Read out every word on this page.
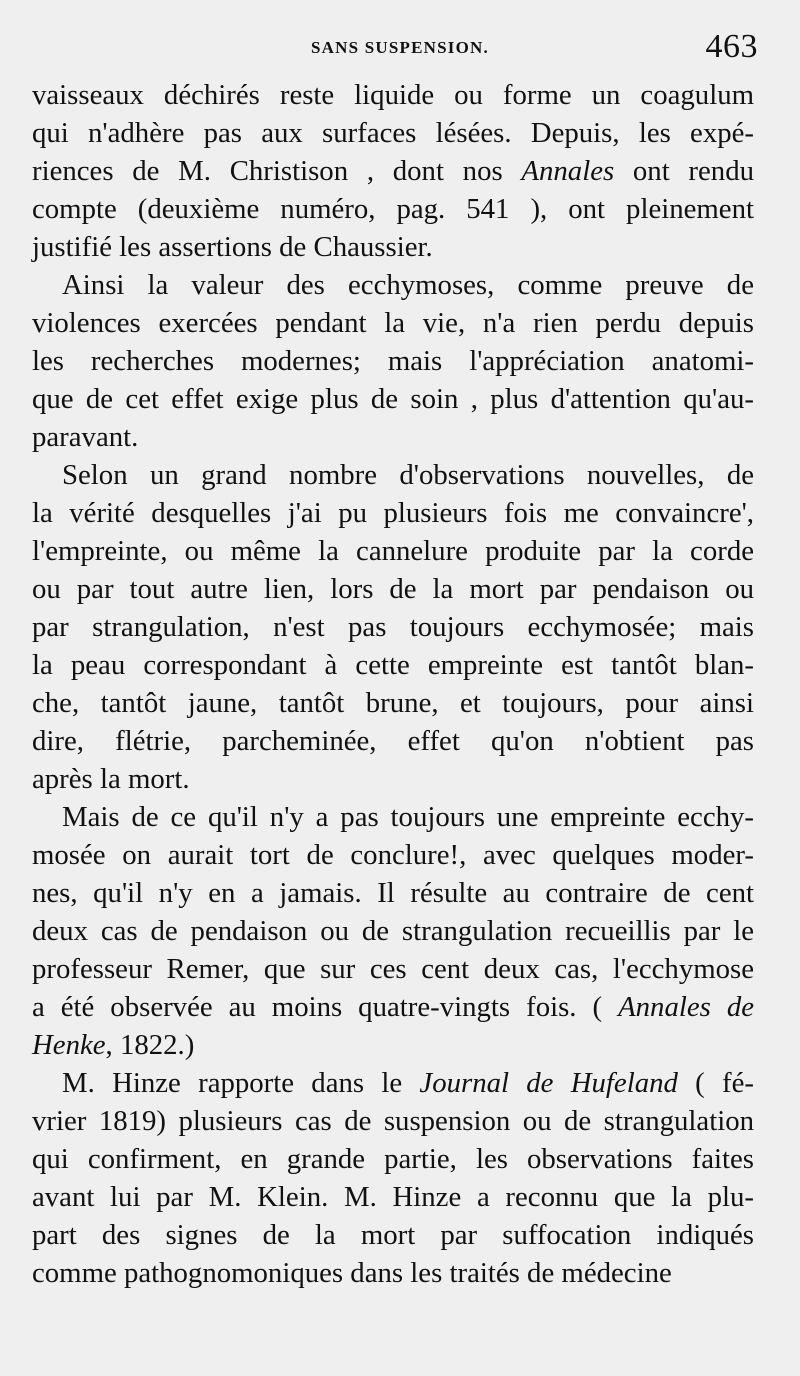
SANS SUSPENSION.	463

vaisseaux déchirés reste liquide ou forme un coagulum
qui n'adhère pas aux surfaces lésées. Depuis, les expé-
riences de M. Christison , dont nos Annales ont rendu
compte (deuxième numéro, pag. 541 ), ont pleinement
justifié les assertions de Chaussier.

Ainsi la valeur des ecchymoses, comme preuve de
violences exercées pendant la vie, n'a rien perdu depuis
les recherches modernes; mais l'appréciation anatomi-
que de cet effet exige plus de soin , plus d'attention qu'au-
paravant.

Selon un grand nombre d'observations nouvelles, de
la vérité desquelles j'ai pu plusieurs fois me convaincre',
l'empreinte, ou même la cannelure produite par la corde
ou par tout autre lien, lors de la mort par pendaison ou
par strangulation, n'est pas toujours ecchymosée; mais
la peau correspondant à cette empreinte est tantôt blan-
che, tantôt jaune, tantôt brune, et toujours, pour ainsi
dire, flétrie, parcheminée, effet qu'on n'obtient pas
après la mort.

Mais de ce qu'il n'y a pas toujours une empreinte ecchy-
mosée on aurait tort de conclure!, avec quelques moder-
nes, qu'il n'y en a jamais. Il résulte au contraire de cent
deux cas de pendaison ou de strangulation recueillis par le
professeur Remer, que sur ces cent deux cas, l'ecchymose
a été observée au moins quatre-vingts fois. ( Annales de
Henke, 1822.)

M. Hinze rapporte dans le Journal de Hufeland ( fé-
vrier 1819) plusieurs cas de suspension ou de strangulation
qui confirment, en grande partie, les observations faites
avant lui par M. Klein. M. Hinze a reconnu que la plu-
part des signes de la mort par suffocation indiqués
comme pathognomoniques dans les traités de médecine
